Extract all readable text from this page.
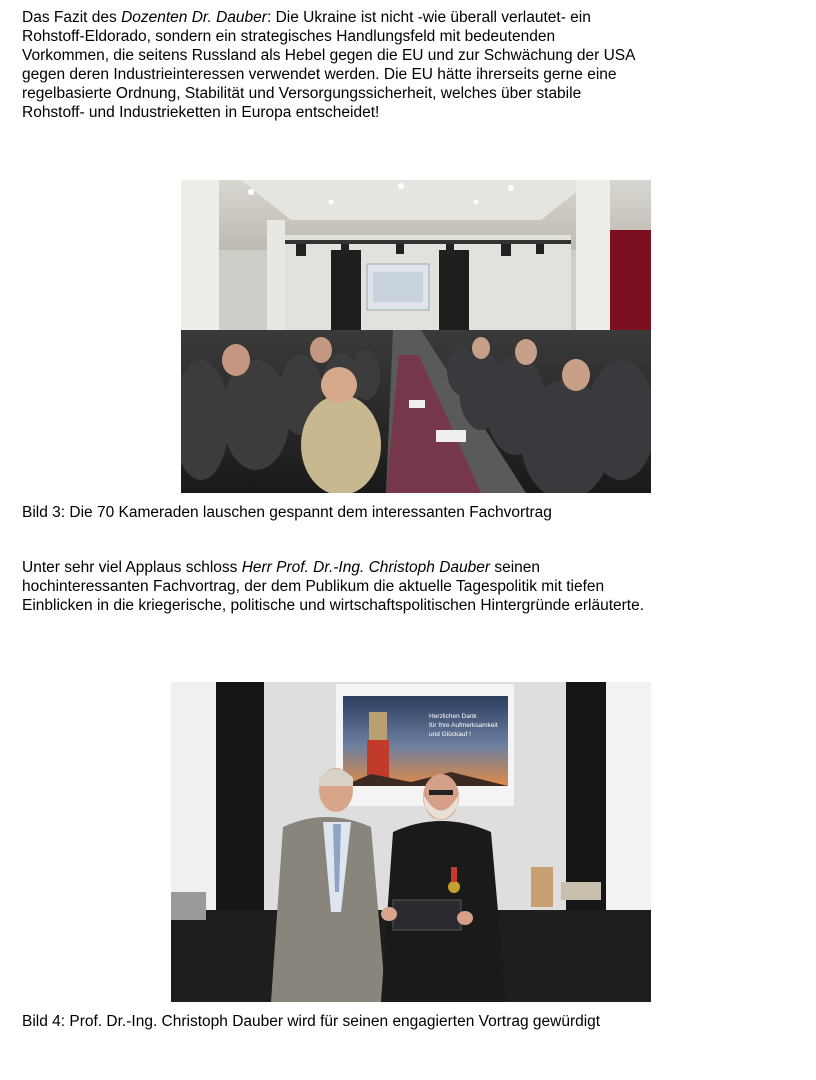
Das Fazit des Dozenten Dr. Dauber: Die Ukraine ist nicht -wie überall verlautet- ein
Rohstoff-Eldorado, sondern ein strategisches Handlungsfeld mit bedeutenden
Vorkommen, die seitens Russland als Hebel gegen die EU und zur Schwächung der USA
gegen deren Industrieinteressen verwendet werden. Die EU hätte ihrerseits gerne eine
regelbasierte Ordnung, Stabilität und Versorgungssicherheit, welches über stabile
Rohstoff- und Industrieketten in Europa entscheidet!

Bild 3: Die 70 Kameraden lauschen gespannt dem interessanten Fachvortrag

Unter sehr viel Applaus schloss Herr Prof. Dr.-Ing. Christoph Dauber seinen
hochinteressanten Fachvortrag, der dem Publikum die aktuelle Tagespolitik mit tiefen
Einblicken in die kriegerische, politische und wirtschaftspolitischen Hintergründe erläuterte.

Herzlichen Dank
für Ihre Aufmerksamkeit
und Glückauf !

Bild 4: Prof. Dr.-Ing. Christoph Dauber wird für seinen engagierten Vortrag gewürdigt
